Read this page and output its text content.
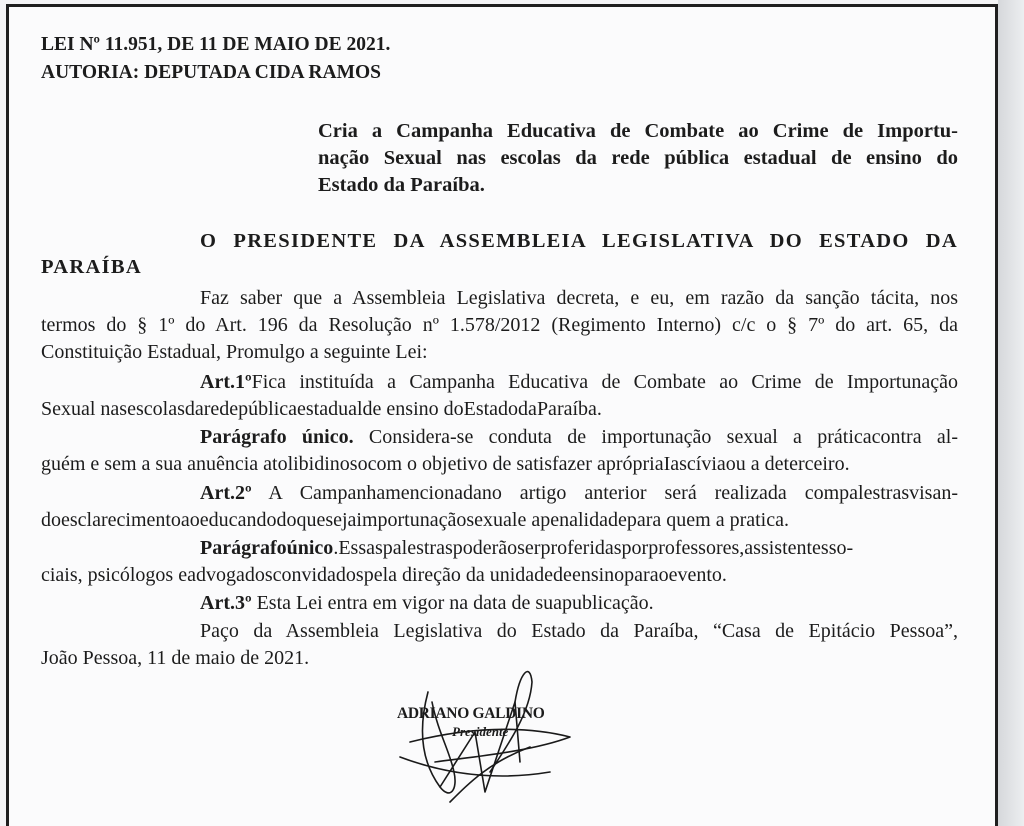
LEI Nº 11.951, DE 11 DE MAIO DE 2021.
AUTORIA: DEPUTADA CIDA RAMOS
Cria a Campanha Educativa de Combate ao Crime de Importu-
nação Sexual nas escolas da rede pública estadual de ensino do
Estado da Paraíba.
O PRESIDENTE DA ASSEMBLEIA LEGISLATIVA DO ESTADO DA
PARAÍBA
Faz saber que a Assembleia Legislativa decreta, e eu, em razão da sanção tácita, nos
termos do § 1º do Art. 196 da Resolução nº 1.578/2012 (Regimento Interno) c/c o § 7º do art. 65, da
Constituição Estadual, Promulgo a seguinte Lei:
Art.1ºFica instituída a Campanha Educativa de Combate ao Crime de Importunação
Sexual nasescolasdaredepúblicaestadualde ensino doEstadodaParaíba.
Parágrafo único. Considera-se conduta de importunação sexual a práticacontra al-
guém e sem a sua anuência atolibidinosocom o objetivo de satisfazer aprópriaIascíviaou a deterceiro.
Art.2º A Campanhamencionadano artigo anterior será realizada compalestrasvisan-
doesclarecimentoaoeducandodoquesejaimportunaçãosexuale apenalidadepara quem a pratica.
Parágrafoúnico.Essaspalestraspoderãoserproferidasporprofessores,assistentesso-
ciais, psicólogos eadvogadosconvidadospela direção da unidadedeensinoparaoevento.
Art.3º Esta Lei entra em vigor na data de suapublicação.
Paço da Assembleia Legislativa do Estado da Paraíba, “Casa de Epitácio Pessoa”,
João Pessoa, 11 de maio de 2021.
ADRIANO GALDINO
Presidente
